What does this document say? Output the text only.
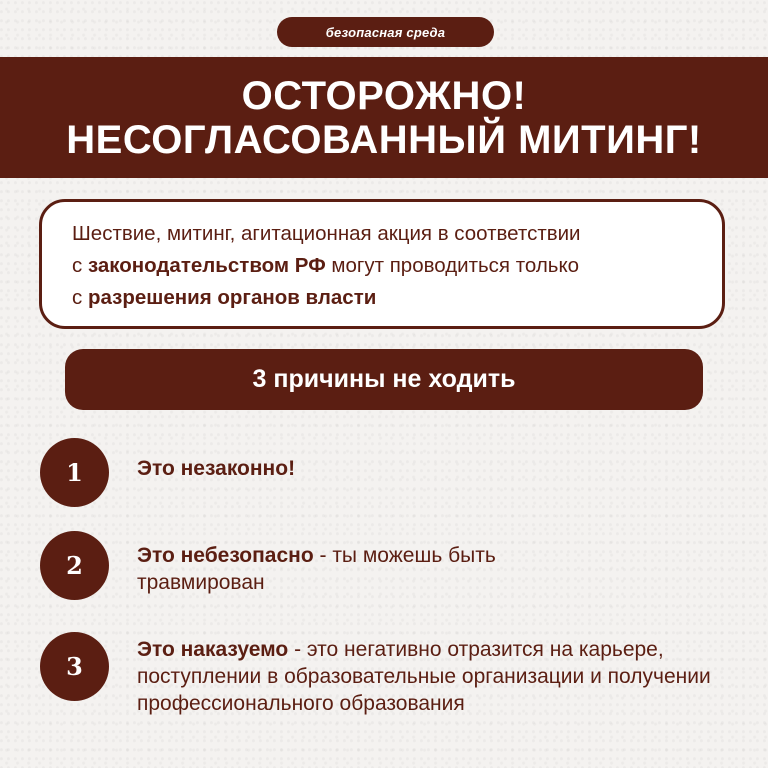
безопасная среда
ОСТОРОЖНО!
НЕСОГЛАСОВАННЫЙ МИТИНГ!
Шествие, митинг, агитационная акция в соответствии
с законодательством РФ могут проводиться только
с разрешения органов власти
3 причины не ходить
1	Это незаконно!
2	Это небезопасно - ты можешь быть травмирован
3
Это наказуемо - это негативно отразится на карьере, поступлении в образовательные организации и получении профессионального образования
